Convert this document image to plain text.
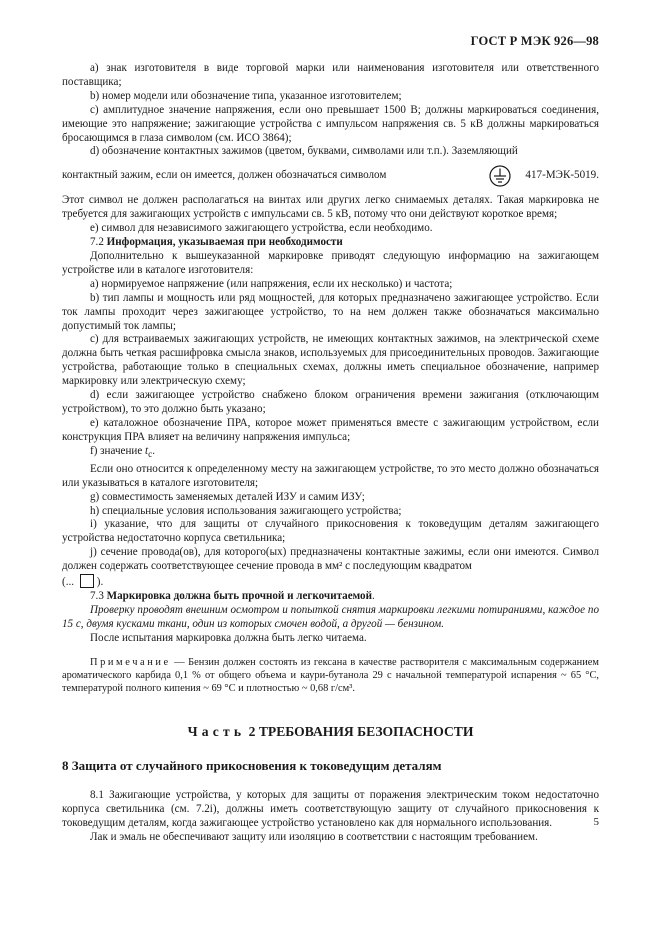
ГОСТ Р МЭК 926—98

a) знак изготовителя в виде торговой марки или наименования изготовителя или ответственного поставщика;

b) номер модели или обозначение типа, указанное изготовителем;

c) амплитудное значение напряжения, если оно превышает 1500 В; должны маркироваться соединения, имеющие это напряжение; зажигающие устройства с импульсом напряжения св. 5 кВ должны маркироваться бросающимся в глаза символом (см. ИСО 3864);

d) обозначение контактных зажимов (цветом, буквами, символами или т.п.). Заземляющий

контактный зажим, если он имеется, должен обозначаться символом	417-МЭК-5019.

Этот символ не должен располагаться на винтах или других легко снимаемых деталях. Такая маркировка не требуется для зажигающих устройств с импульсами св. 5 кВ, потому что они действуют короткое время;

e) символ для независимого зажигающего устройства, если необходимо.

7.2 Информация, указываемая при необходимости

Дополнительно к вышеуказанной маркировке приводят следующую информацию на зажигающем устройстве или в каталоге изготовителя:

a) нормируемое напряжение (или напряжения, если их несколько) и частота;

b) тип лампы и мощность или ряд мощностей, для которых предназначено зажигающее устройство. Если ток лампы проходит через зажигающее устройство, то на нем должен также обозначаться максимально допустимый ток лампы;

c) для встраиваемых зажигающих устройств, не имеющих контактных зажимов, на электрической схеме должна быть четкая расшифровка смысла знаков, используемых для присоединительных проводов. Зажигающие устройства, работающие только в специальных схемах, должны иметь специальное обозначение, например маркировку или электрическую схему;

d) если зажигающее устройство снабжено блоком ограничения времени зажигания (отключающим устройством), то это должно быть указано;

e) каталожное обозначение ПРА, которое может применяться вместе с зажигающим устройством, если конструкция ПРА влияет на величину напряжения импульса;

f) значение $t_c$.

Если оно относится к определенному месту на зажигающем устройстве, то это место должно обозначаться или указываться в каталоге изготовителя;

g) совместимость заменяемых деталей ИЗУ и самим ИЗУ;

h) специальные условия использования зажигающего устройства;

i) указание, что для защиты от случайного прикосновения к токоведущим деталям зажигающего устройства недостаточно корпуса светильника;

j) сечение провода(ов), для которого(ых) предназначены контактные зажимы, если они имеются. Символ должен содержать соответствующее сечение провода в мм² с последующим квадратом

(... ).

7.3 Маркировка должна быть прочной и легкочитаемой.

Проверку проводят внешним осмотром и попыткой снятия маркировки легкими потираниями, каждое по 15 с, двумя кусками ткани, один из которых смочен водой, а другой — бензином.

После испытания маркировка должна быть легко читаема.

Примечание — Бензин должен состоять из гексана в качестве растворителя с максимальным содержанием ароматического карбида 0,1 % от общего объема и каури-бутанола 29 с начальной температурой испарения ~ 65 °С, температурой полного кипения ~ 69 °С и плотностью ~ 0,68 г/см³.

Часть 2 ТРЕБОВАНИЯ БЕЗОПАСНОСТИ
8 Защита от случайного прикосновения к токоведущим деталям

8.1 Зажигающие устройства, у которых для защиты от поражения электрическим током недостаточно корпуса светильника (см. 7.2i), должны иметь соответствующую защиту от случайного прикосновения к токоведущим деталям, когда зажигающее устройство установлено как для нормального использования.

Лак и эмаль не обеспечивают защиту или изоляцию в соответствии с настоящим требованием.

5
